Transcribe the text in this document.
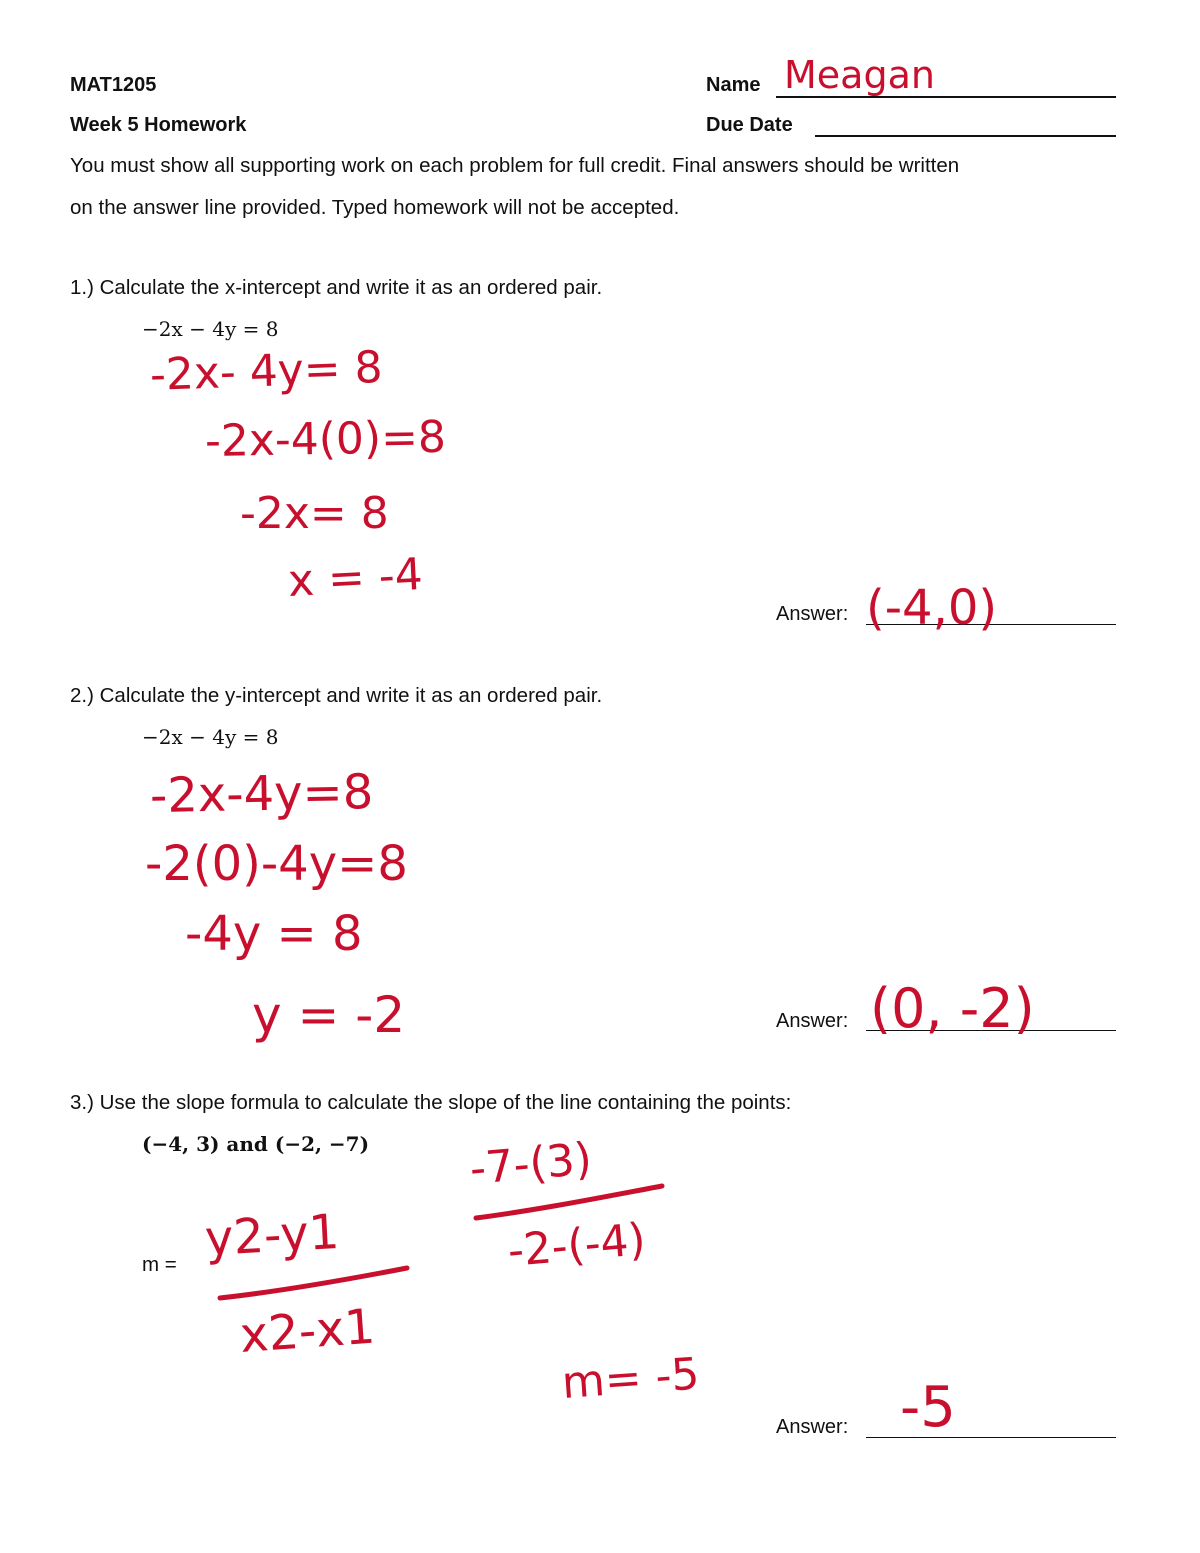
MAT1205
Week 5 Homework
Name Meagan
Due Date
You must show all supporting work on each problem for full credit. Final answers should be written
on the answer line provided. Typed homework will not be accepted.
1.) Calculate the x-intercept and write it as an ordered pair.
−2x − 4y = 8
-2x- 4y= 8
-2x-4(0)=8
-2x= 8
x = -4
Answer: (-4,0)
2.) Calculate the y-intercept and write it as an ordered pair.
−2x − 4y = 8
-2x-4y=8
-2(0)-4y=8
-4y = 8
y = -2	Answer: (0, -2)
3.) Use the slope formula to calculate the slope of the line containing the points:
(−4, 3) and (−2, −7)
m = y2-y1
x2-x1
-7-(3)
-2-(-4)
m= -5
Answer: -5
